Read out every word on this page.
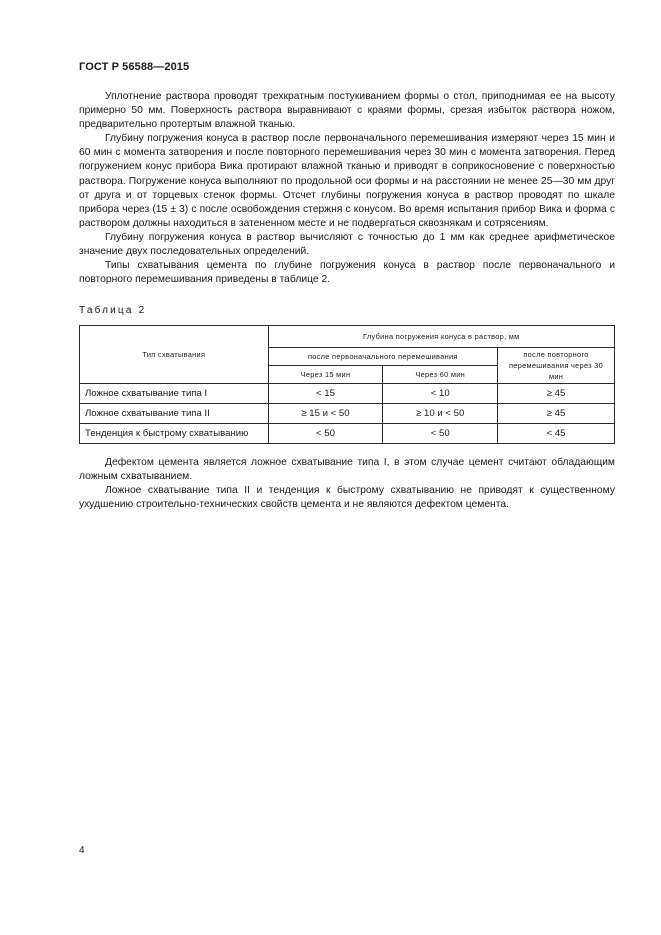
ГОСТ Р 56588—2015

Уплотнение раствора проводят трехкратным постукиванием формы о стол, приподнимая ее на высоту примерно 50 мм. Поверхность раствора выравнивают с краями формы, срезая избыток раствора ножом, предварительно протертым влажной тканью.

Глубину погружения конуса в раствор после первоначального перемешивания измеряют через 15 мин и 60 мин с момента затворения и после повторного перемешивания через 30 мин с момента затворения. Перед погружением конус прибора Вика протирают влажной тканью и приводят в соприкосновение с поверхностью раствора. Погружение конуса выполняют по продольной оси формы и на расстоянии не менее 25—30 мм друг от друга и от торцевых стенок формы. Отсчет глубины погружения конуса в раствор проводят по шкале прибора через (15 ± 3) с после освобождения стержня с конусом. Во время испытания прибор Вика и форма с раствором должны находиться в затененном месте и не подвергаться сквознякам и сотрясениям.

Глубину погружения конуса в раствор вычисляют с точностью до 1 мм как среднее арифметическое значение двух последовательных определений.

Типы схватывания цемента по глубине погружения конуса в раствор после первоначального и повторного перемешивания приведены в таблице 2.

Таблица 2
Тип схватывания	Глубина погружения конуса в раствор, мм		
	после первоначального перемешивания		после повторного перемешивания через 30 мин
	Через 15 мин	Через 60 мин	
Ложное схватывание типа I	< 15	< 10	≥ 45
Ложное схватывание типа II	≥ 15 и < 50	≥ 10 и < 50	≥ 45
Тенденция к быстрому схватыванию	< 50	< 50	< 45

Дефектом цемента является ложное схватывание типа I, в этом случае цемент считают обладающим ложным схватыванием.

Ложное схватывание типа II и тенденция к быстрому схватыванию не приводят к существенному ухудшению строительно-технических свойств цемента и не являются дефектом цемента.

4
